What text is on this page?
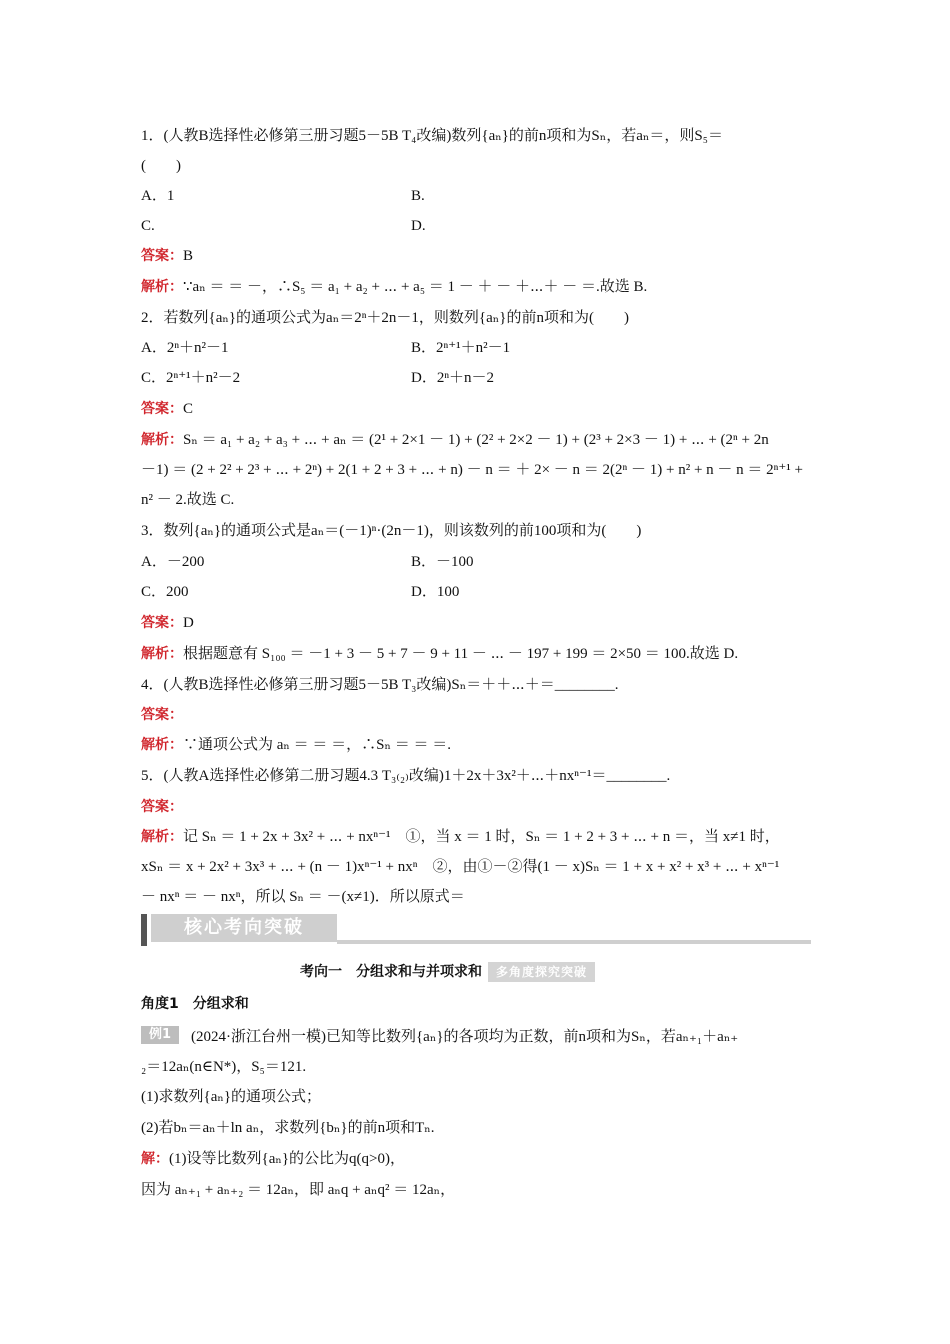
1．(人教B选择性必修第三册习题5－5B T₄改编)数列{aₙ}的前n项和为Sₙ，若aₙ＝，则S₅＝
(　　)
A．1	B.
C.	D.
答案：B
解析：∵aₙ ＝ ＝ －，∴S₅ ＝ a₁ + a₂ + ⋯ + a₅ ＝ 1 － ＋ － ＋⋯＋ － ＝.故选 B.
2．若数列{aₙ}的通项公式为aₙ＝2ⁿ＋2n－1，则数列{aₙ}的前n项和为(　　)
A．2ⁿ＋n²－1	B．2ⁿ⁺¹＋n²－1
C．2ⁿ⁺¹＋n²－2	D．2ⁿ＋n－2
答案：C
解析：Sₙ ＝ a₁ + a₂ + a₃ + ⋯ + aₙ ＝ (2¹ + 2×1 － 1) + (2² + 2×2 － 1) + (2³ + 2×3 － 1) + ⋯ + (2ⁿ + 2n
－1) ＝ (2 + 2² + 2³ + ⋯ + 2ⁿ) + 2(1 + 2 + 3 + ⋯ + n) － n ＝ ＋ 2× － n ＝ 2(2ⁿ － 1) + n² + n － n ＝ 2ⁿ⁺¹ +
n² － 2.故选 C.
3．数列{aₙ}的通项公式是aₙ＝(－1)ⁿ·(2n－1)，则该数列的前100项和为(　　)
A．－200	B．－100
C．200	D．100
答案：D
解析：根据题意有 S₁₀₀ ＝ －1 + 3 － 5 + 7 － 9 + 11 － ⋯ － 197 + 199 ＝ 2×50 ＝ 100.故选 D.
4．(人教B选择性必修第三册习题5－5B T₃改编)Sₙ＝＋＋⋯＋＝________.
答案：
解析：∵通项公式为 aₙ ＝ ＝ ＝，∴Sₙ ＝ ＝ ＝.
5．(人教A选择性必修第二册习题4.3 T₃₍₂₎改编)1＋2x＋3x²＋⋯＋nxⁿ⁻¹＝________.
答案：
解析：记 Sₙ ＝ 1 + 2x + 3x² + ⋯ + nxⁿ⁻¹　①，当 x ＝ 1 时，Sₙ ＝ 1 + 2 + 3 + ⋯ + n ＝，当 x≠1 时，
xSₙ ＝ x + 2x² + 3x³ + ⋯ + (n － 1)xⁿ⁻¹ + nxⁿ　②，由①－②得(1 － x)Sₙ ＝ 1 + x + x² + x³ + ⋯ + xⁿ⁻¹
－ nxⁿ ＝ － nxⁿ，所以 Sₙ ＝ －(x≠1)．所以原式＝
核心考向突破
考向一　分组求和与并项求和 多角度探究突破
角度1　分组求和
例1	(2024·浙江台州一模)已知等比数列{aₙ}的各项均为正数，前n项和为Sₙ，若aₙ₊₁＋aₙ₊
₂＝12aₙ(n∈N*)，S₅＝121.
(1)求数列{aₙ}的通项公式；
(2)若bₙ＝aₙ＋ln aₙ，求数列{bₙ}的前n项和Tₙ.
解：(1)设等比数列{aₙ}的公比为q(q>0)，
因为 aₙ₊₁ + aₙ₊₂ ＝ 12aₙ，即 aₙq + aₙq² ＝ 12aₙ，
